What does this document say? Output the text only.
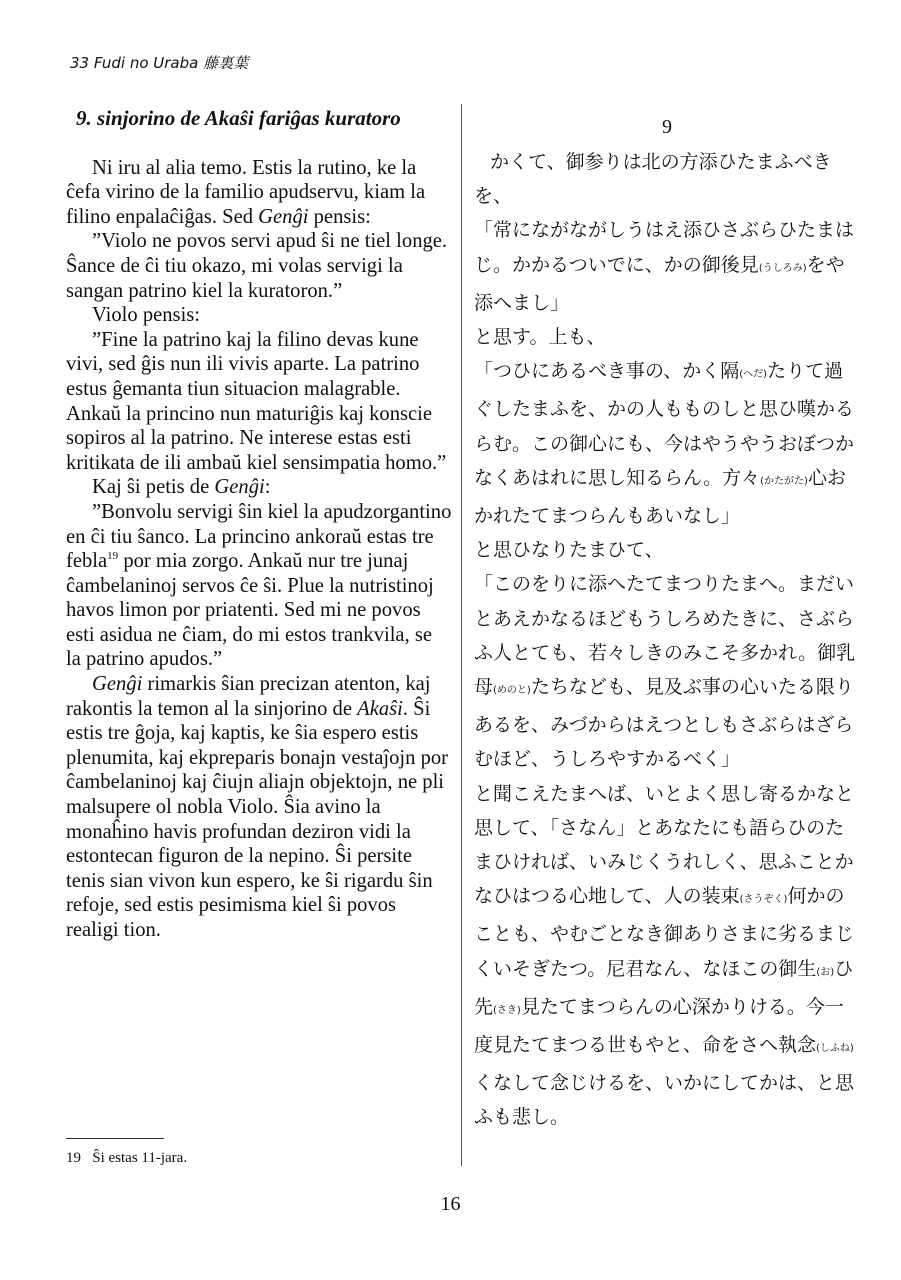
33 Fudi no Uraba 藤裏葉
9. sinjorino de Akaŝi fariĝas kuratoro

Ni iru al alia temo. Estis la rutino, ke la ĉefa virino de la familio apudservu, kiam la filino enpalaĉiĝas. Sed Genĝi pensis:

”Violo ne povos servi apud ŝi ne tiel longe. Ŝance de ĉi tiu okazo, mi volas servigi la sangan patrino kiel la kuratoron.”

Violo pensis:

”Fine la patrino kaj la filino devas kune vivi, sed ĝis nun ili vivis aparte. La patrino estus ĝemanta tiun situacion malagrable. Ankaŭ la princino nun maturiĝis kaj konscie sopiros al la patrino. Ne interese estas esti kritikata de ili ambaŭ kiel sensimpatia homo.”

Kaj ŝi petis de Genĝi:

”Bonvolu servigi ŝin kiel la apudzorgantino en ĉi tiu ŝanco. La princino ankoraŭ estas tre febla$^{19}$ por mia zorgo. Ankaŭ nur tre junaj ĉambelaninoj servos ĉe ŝi. Plue la nutristinoj havos limon por priatenti. Sed mi ne povos esti asidua ne ĉiam, do mi estos trankvila, se la patrino apudos.”

Genĝi rimarkis ŝian precizan atenton, kaj rakontis la temon al la sinjorino de Akaŝi. Ŝi estis tre ĝoja, kaj kaptis, ke ŝia espero estis plenumita, kaj ekpreparis bonajn vestaĵojn por ĉambelaninoj kaj ĉiujn aliajn objektojn, ne pli malsupere ol nobla Violo. Ŝia avino la monaĥino havis profundan deziron vidi la estontecan figuron de la nepino. Ŝi persite tenis sian vivon kun espero, ke ŝi rigardu ŝin refoje, sed estis pesimisma kiel ŝi povos realigi tion.

9

かくて、御参りは北の方添ひたまふべきを、

「常にながながしうはえ添ひさぶらひたまはじ。かかるついでに、かの御後見(うしろみ)をや添へまし」

と思す。上も、

「つひにあるべき事の、かく隔(へだ)たりて過ぐしたまふを、かの人もものしと思ひ嘆かるらむ。この御心にも、今はやうやうおぼつかなくあはれに思し知るらん。方々(かたがた)心おかれたてまつらんもあいなし」

と思ひなりたまひて、

「このをりに添へたてまつりたまへ。まだいとあえかなるほどもうしろめたきに、さぶらふ人とても、若々しきのみこそ多かれ。御乳母(めのと)たちなども、見及ぶ事の心いたる限りあるを、みづからはえつとしもさぶらはざらむほど、うしろやすかるべく」

と聞こえたまへば、いとよく思し寄るかなと思して、「さなん」とあなたにも語らひのたまひければ、いみじくうれしく、思ふことかなひはつる心地して、人の装束(さうぞく)何かのことも、やむごとなき御ありさまに劣るまじくいそぎたつ。尼君なん、なほこの御生(お)ひ先(さき)見たてまつらんの心深かりける。今一度見たてまつる世もやと、命をさへ執念(しふね)くなして念じけるを、いかにしてかは、と思ふも悲し。

19 Ŝi estas 11-jara.
16
